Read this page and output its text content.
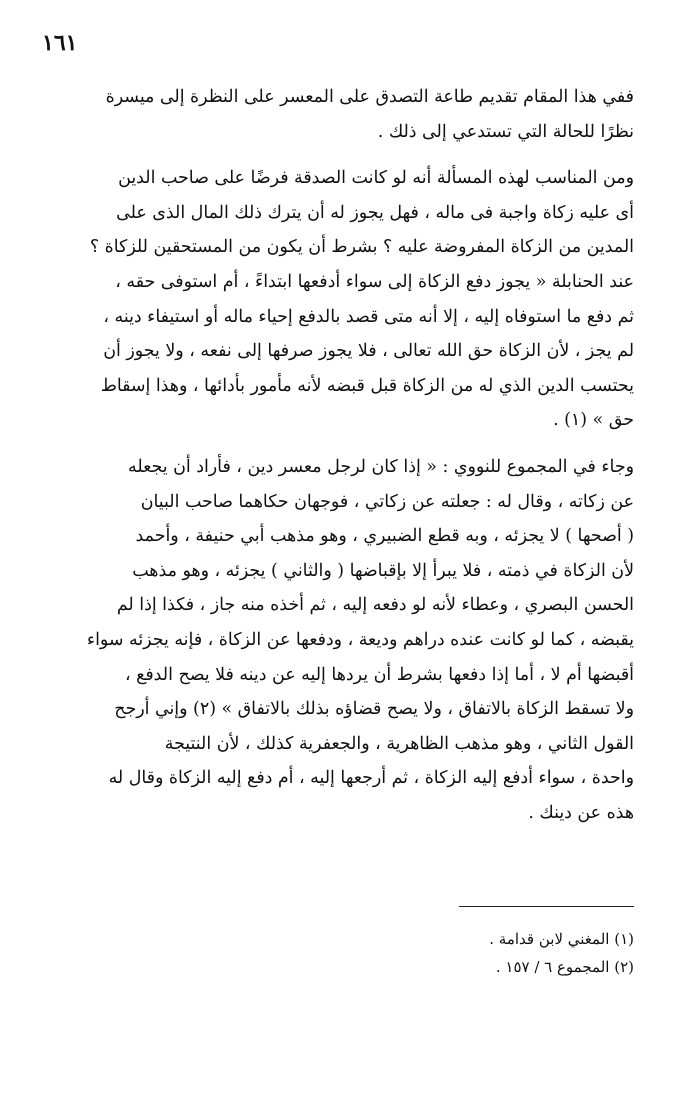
١٦١
ففي هذا المقام تقديم طاعة التصدق على المعسر على النظرة إلى ميسرة
نظرًا للحالة التي تستدعي إلى ذلك .
ومن المناسب لهذه المسألة أنه لو كانت الصدقة فرضًا على صاحب الدين
أى عليه زكاة واجبة فى ماله ، فهل يجوز له أن يترك ذلك المال الذى على
المدين من الزكاة المفروضة عليه ؟ بشرط أن يكون من المستحقين للزكاة ؟
عند الحنابلة « يجوز دفع الزكاة إلى سواء أدفعها ابتداءً ، أم استوفى حقه ،
ثم دفع ما استوفاه إليه ، إلا أنه متى قصد بالدفع إحياء ماله أو استيفاء دينه ،
لم يجز ، لأن الزكاة حق الله تعالى ، فلا يجوز صرفها إلى نفعه ، ولا يجوز أن
يحتسب الدين الذي له من الزكاة قبل قبضه لأنه مأمور بأدائها ، وهذا إسقاط
حق » (١) .
وجاء في المجموع للنووي : « إذا كان لرجل معسر دين ، فأراد أن يجعله
عن زكاته ، وقال له : جعلته عن زكاتي ، فوجهان حكاهما صاحب البيان
( أصحها ) لا يجزئه ، وبه قطع الضبيري ، وهو مذهب أبي حنيفة ، وأحمد
لأن الزكاة في ذمته ، فلا يبرأ إلا بإقباضها ( والثاني ) يجزئه ، وهو مذهب
الحسن البصري ، وعطاء لأنه لو دفعه إليه ، ثم أخذه منه جاز ، فكذا إذا لم
يقبضه ، كما لو كانت عنده دراهم وديعة ، ودفعها عن الزكاة ، فإنه يجزئه سواء
أقبضها أم لا ، أما إذا دفعها بشرط أن يردها إليه عن دينه فلا يصح الدفع ،
ولا تسقط الزكاة بالاتفاق ، ولا يصح قضاؤه بذلك بالاتفاق » (٢) وإني أرجح
القول الثاني ، وهو مذهب الظاهرية ، والجعفرية كذلك ، لأن النتيجة
واحدة ، سواء أدفع إليه الزكاة ، ثم أرجعها إليه ، أم دفع إليه الزكاة وقال له
هذه عن دينك .
(١) المغني لابن قدامة .
(٢) المجموع ٦ / ١٥٧ .
